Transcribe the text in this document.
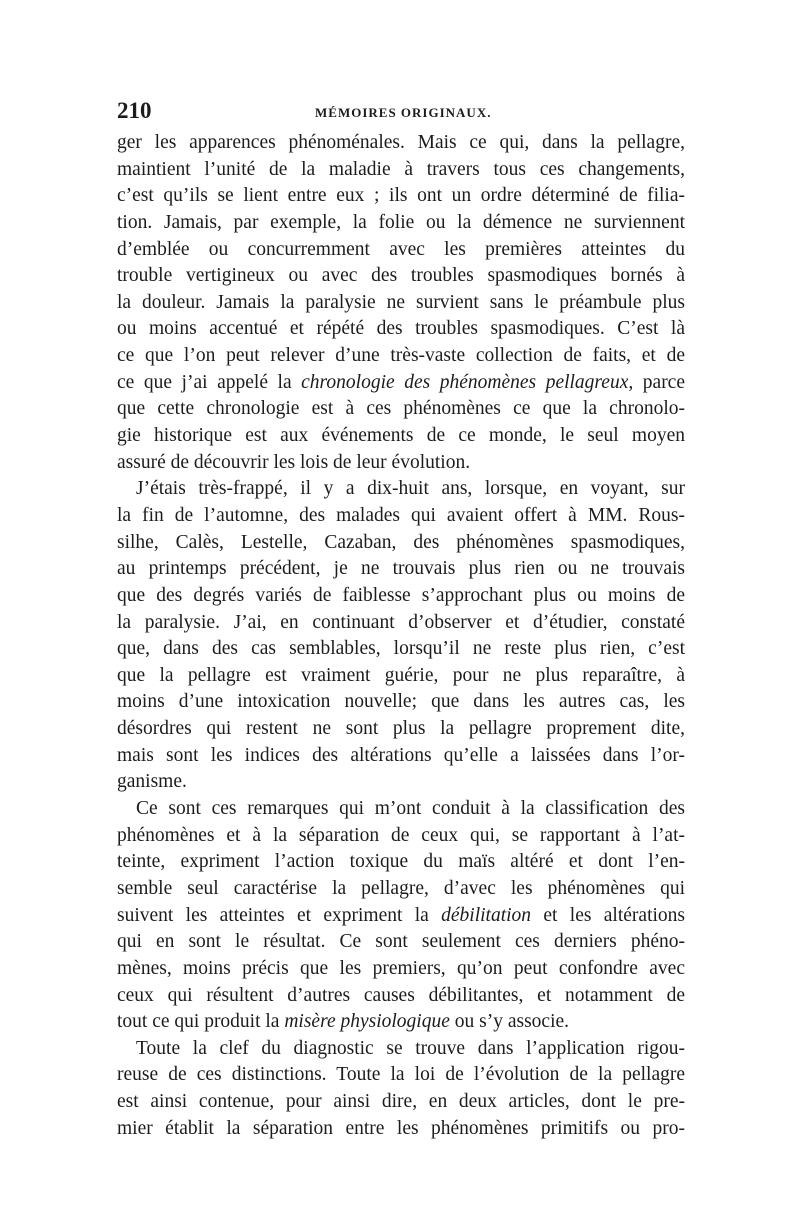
210	MÉMOIRES ORIGINAUX.
ger les apparences phénoménales. Mais ce qui, dans la pellagre,
maintient l’unité de la maladie à travers tous ces changements,
c’est qu’ils se lient entre eux ; ils ont un ordre déterminé de filia-
tion. Jamais, par exemple, la folie ou la démence ne surviennent
d’emblée ou concurremment avec les premières atteintes du
trouble vertigineux ou avec des troubles spasmodiques bornés à
la douleur. Jamais la paralysie ne survient sans le préambule plus
ou moins accentué et répété des troubles spasmodiques. C’est là
ce que l’on peut relever d’une très-vaste collection de faits, et de
ce que j’ai appelé la chronologie des phénomènes pellagreux, parce
que cette chronologie est à ces phénomènes ce que la chronolo-
gie historique est aux événements de ce monde, le seul moyen
assuré de découvrir les lois de leur évolution.
J’étais très-frappé, il y a dix-huit ans, lorsque, en voyant, sur
la fin de l’automne, des malades qui avaient offert à MM. Rous-
silhe, Calès, Lestelle, Cazaban, des phénomènes spasmodiques,
au printemps précédent, je ne trouvais plus rien ou ne trouvais
que des degrés variés de faiblesse s’approchant plus ou moins de
la paralysie. J’ai, en continuant d’observer et d’étudier, constaté
que, dans des cas semblables, lorsqu’il ne reste plus rien, c’est
que la pellagre est vraiment guérie, pour ne plus reparaître, à
moins d’une intoxication nouvelle; que dans les autres cas, les
désordres qui restent ne sont plus la pellagre proprement dite,
mais sont les indices des altérations qu’elle a laissées dans l’or-
ganisme.
Ce sont ces remarques qui m’ont conduit à la classification des
phénomènes et à la séparation de ceux qui, se rapportant à l’at-
teinte, expriment l’action toxique du maïs altéré et dont l’en-
semble seul caractérise la pellagre, d’avec les phénomènes qui
suivent les atteintes et expriment la débilitation et les altérations
qui en sont le résultat. Ce sont seulement ces derniers phéno-
mènes, moins précis que les premiers, qu’on peut confondre avec
ceux qui résultent d’autres causes débilitantes, et notamment de
tout ce qui produit la misère physiologique ou s’y associe.
Toute la clef du diagnostic se trouve dans l’application rigou-
reuse de ces distinctions. Toute la loi de l’évolution de la pellagre
est ainsi contenue, pour ainsi dire, en deux articles, dont le pre-
mier établit la séparation entre les phénomènes primitifs ou pro-
